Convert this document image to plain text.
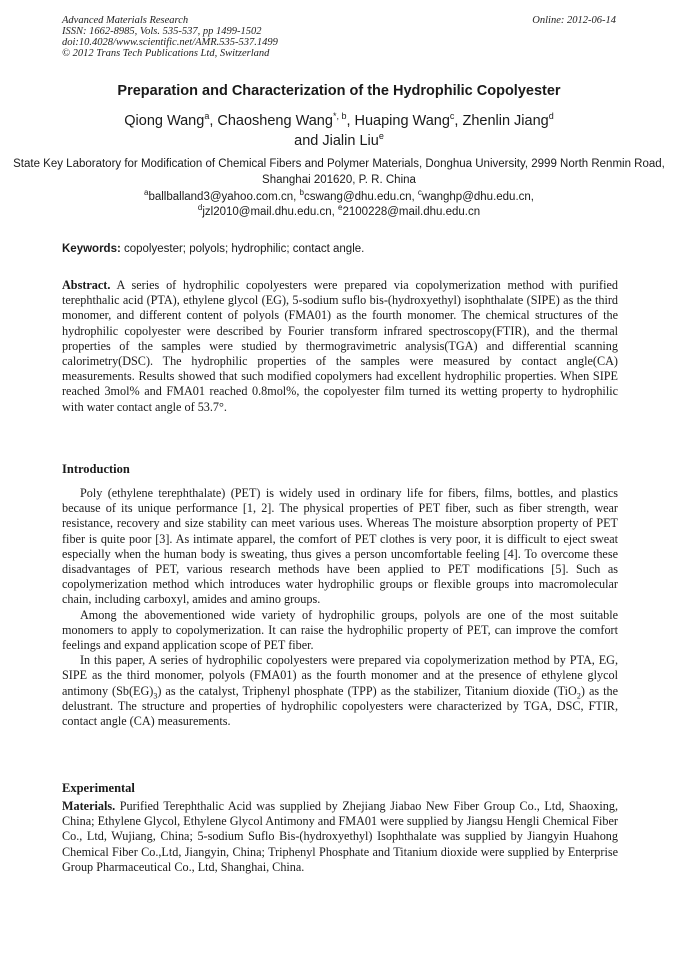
Advanced Materials Research
ISSN: 1662-8985, Vols. 535-537, pp 1499-1502
doi:10.4028/www.scientific.net/AMR.535-537.1499
© 2012 Trans Tech Publications Ltd, Switzerland
Online: 2012-06-14
Preparation and Characterization of the Hydrophilic Copolyester
Qiong Wang$^a$, Chaosheng Wang$^{*, b}$, Huaping Wang$^c$, Zhenlin Jiang$^d$
and Jialin Liu$^e$
State Key Laboratory for Modification of Chemical Fibers and Polymer Materials, Donghua University, 2999 North Renmin Road, Shanghai 201620, P. R. China
$^a$ballballand3@yahoo.com.cn, $^b$cswang@dhu.edu.cn, $^c$wanghp@dhu.edu.cn,
$^d$jzl2010@mail.dhu.edu.cn, $^e$2100228@mail.dhu.edu.cn
Keywords: copolyester; polyols; hydrophilic; contact angle.
Abstract. A series of hydrophilic copolyesters were prepared via copolymerization method with purified terephthalic acid (PTA), ethylene glycol (EG), 5-sodium suflo bis-(hydroxyethyl) isophthalate (SIPE) as the third monomer, and different content of polyols (FMA01) as the fourth monomer. The chemical structures of the hydrophilic copolyester were described by Fourier transform infrared spectroscopy(FTIR), and the thermal properties of the samples were studied by thermogravimetric analysis(TGA) and differential scanning calorimetry(DSC). The hydrophilic properties of the samples were measured by contact angle(CA) measurements. Results showed that such modified copolymers had excellent hydrophilic properties. When SIPE reached 3mol% and FMA01 reached 0.8mol%, the copolyester film turned its wetting property to hydrophilic with water contact angle of 53.7°.
Introduction

Poly (ethylene terephthalate) (PET) is widely used in ordinary life for fibers, films, bottles, and plastics because of its unique performance [1, 2]. The physical properties of PET fiber, such as fiber strength, wear resistance, recovery and size stability can meet various uses. Whereas The moisture absorption property of PET fiber is quite poor [3]. As intimate apparel, the comfort of PET clothes is very poor, it is difficult to eject sweat especially when the human body is sweating, thus gives a person uncomfortable feeling [4]. To overcome these disadvantages of PET, various research methods have been applied to PET modifications [5]. Such as copolymerization method which introduces water hydrophilic groups or flexible groups into macromolecular chain, including carboxyl, amides and amino groups.

Among the abovementioned wide variety of hydrophilic groups, polyols are one of the most suitable monomers to apply to copolymerization. It can raise the hydrophilic property of PET, can improve the comfort feelings and expand application scope of PET fiber.

In this paper, A series of hydrophilic copolyesters were prepared via copolymerization method by PTA, EG, SIPE as the third monomer, polyols (FMA01) as the fourth monomer and at the presence of ethylene glycol antimony $(Sb(EG)_3)$ as the catalyst, Triphenyl phosphate (TPP) as the stabilizer, Titanium dioxide (TiO$_2$) as the delustrant. The structure and properties of hydrophilic copolyesters were characterized by TGA, DSC, FTIR, contact angle (CA) measurements.

Experimental

Materials. Purified Terephthalic Acid was supplied by Zhejiang Jiabao New Fiber Group Co., Ltd, Shaoxing, China; Ethylene Glycol, Ethylene Glycol Antimony and FMA01 were supplied by Jiangsu Hengli Chemical Fiber Co., Ltd, Wujiang, China; 5-sodium Suflo Bis-(hydroxyethyl) Isophthalate was supplied by Jiangyin Huahong Chemical Fiber Co.,Ltd, Jiangyin, China; Triphenyl Phosphate and Titanium dioxide were supplied by Enterprise Group Pharmaceutical Co., Ltd, Shanghai, China.
